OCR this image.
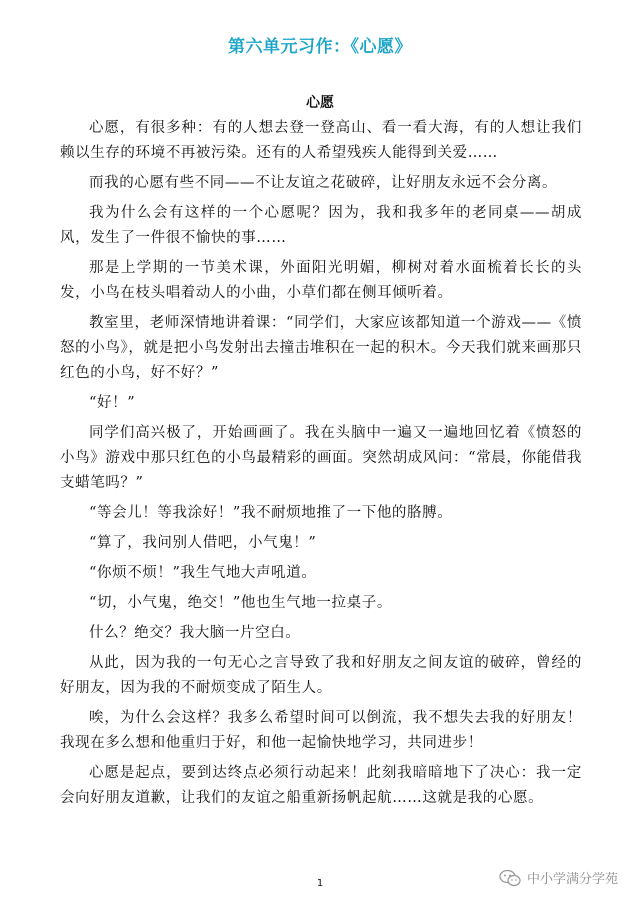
第六单元习作：《心愿》
心愿

心愿，有很多种：有的人想去登一登高山、看一看大海，有的人想让我们赖以生存的环境不再被污染。还有的人希望残疾人能得到关爱……

而我的心愿有些不同——不让友谊之花破碎，让好朋友永远不会分离。

我为什么会有这样的一个心愿呢？因为，我和我多年的老同桌——胡成风，发生了一件很不愉快的事……

那是上学期的一节美术课，外面阳光明媚，柳树对着水面梳着长长的头发，小鸟在枝头唱着动人的小曲，小草们都在侧耳倾听着。

教室里，老师深情地讲着课：“同学们，大家应该都知道一个游戏——《愤怒的小鸟》，就是把小鸟发射出去撞击堆积在一起的积木。今天我们就来画那只红色的小鸟，好不好？”

“好！”

同学们高兴极了，开始画画了。我在头脑中一遍又一遍地回忆着《愤怒的小鸟》游戏中那只红色的小鸟最精彩的画面。突然胡成风问：“常晨，你能借我支蜡笔吗？”

“等会儿！等我涂好！”我不耐烦地推了一下他的胳膊。

“算了，我问别人借吧，小气鬼！”

“你烦不烦！”我生气地大声吼道。

“切，小气鬼，绝交！”他也生气地一拉桌子。

什么？绝交？我大脑一片空白。

从此，因为我的一句无心之言导致了我和好朋友之间友谊的破碎，曾经的好朋友，因为我的不耐烦变成了陌生人。

唉，为什么会这样？我多么希望时间可以倒流，我不想失去我的好朋友！我现在多么想和他重归于好，和他一起愉快地学习，共同进步！

心愿是起点，要到达终点必须行动起来！此刻我暗暗地下了决心：我一定会向好朋友道歉，让我们的友谊之船重新扬帆起航……这就是我的心愿。

1	中小学满分学苑
